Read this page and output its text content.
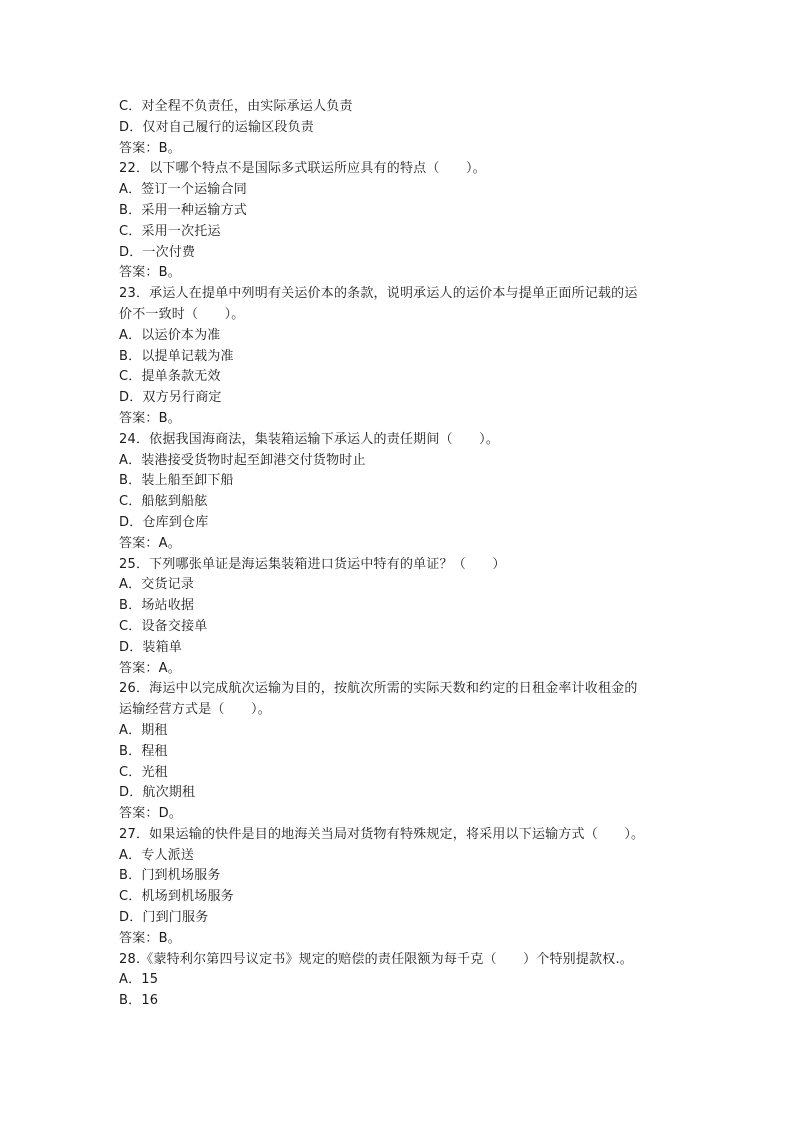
C．对全程不负责任，由实际承运人负责
D．仅对自己履行的运输区段负责
答案：B。
22．以下哪个特点不是国际多式联运所应具有的特点（　　）。
A．签订一个运输合同
B．采用一种运输方式
C．采用一次托运
D．一次付费
答案：B。
23．承运人在提单中列明有关运价本的条款，说明承运人的运价本与提单正面所记载的运
价不一致时（　　）。
A．以运价本为准
B．以提单记载为准
C．提单条款无效
D．双方另行商定
答案：B。
24．依据我国海商法，集装箱运输下承运人的责任期间（　　）。
A．装港接受货物时起至卸港交付货物时止
B．装上船至卸下船
C．船舷到船舷
D．仓库到仓库
答案：A。
25．下列哪张单证是海运集装箱进口货运中特有的单证？（　　）
A．交货记录
B．场站收据
C．设备交接单
D．装箱单
答案：A。
26．海运中以完成航次运输为目的，按航次所需的实际天数和约定的日租金率计收租金的
运输经营方式是（　　）。
A．期租
B．程租
C．光租
D．航次期租
答案：D。
27．如果运输的快件是目的地海关当局对货物有特殊规定，将采用以下运输方式（　　）。
A．专人派送
B．门到机场服务
C．机场到机场服务
D．门到门服务
答案：B。
28.《蒙特利尔第四号议定书》规定的赔偿的责任限额为每千克（　　）个特别提款权.。
A．15
B．16
